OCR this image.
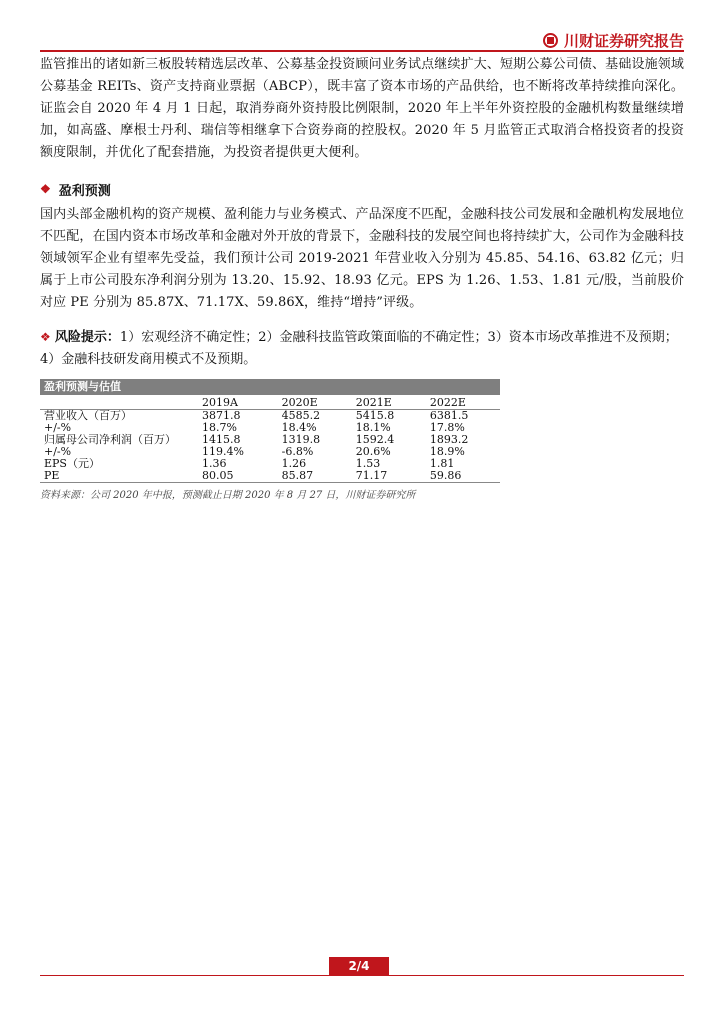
川财证券研究报告

监管推出的诸如新三板股转精选层改革、公募基金投资顾问业务试点继续扩大、短期公募公司债、基础设施领域公募基金 REITs、资产支持商业票据（ABCP），既丰富了资本市场的产品供给，也不断将改革持续推向深化。证监会自 2020 年 4 月 1 日起，取消券商外资持股比例限制，2020 年上半年外资控股的金融机构数量继续增加，如高盛、摩根士丹利、瑞信等相继拿下合资券商的控股权。2020 年 5 月监管正式取消合格投资者的投资额度限制，并优化了配套措施，为投资者提供更大便利。

❖ 盈利预测

国内头部金融机构的资产规模、盈利能力与业务模式、产品深度不匹配，金融科技公司发展和金融机构发展地位不匹配，在国内资本市场改革和金融对外开放的背景下，金融科技的发展空间也将持续扩大，公司作为金融科技领域领军企业有望率先受益，我们预计公司 2019-2021 年营业收入分别为 45.85、54.16、63.82 亿元；归属于上市公司股东净利润分别为 13.20、15.92、18.93 亿元。EPS 为 1.26、1.53、1.81 元/股，当前股价对应 PE 分别为 85.87X、71.17X、59.86X，维持“增持”评级。

❖ 风险提示：1）宏观经济不确定性；2）金融科技监管政策面临的不确定性；3）资本市场改革推进不及预期；4）金融科技研发商用模式不及预期。
盈利预测与估值				
	2019A	2020E	2021E	2022E
营业收入（百万）	3871.8	4585.2	5415.8	6381.5
+/-%	18.7%	18.4%	18.1%	17.8%
归属母公司净利润（百万）	1415.8	1319.8	1592.4	1893.2
+/-%	119.4%	-6.8%	20.6%	18.9%
EPS（元）	1.36	1.26	1.53	1.81
PE	80.05	85.87	71.17	59.86
资料来源：公司 2020 年中报，预测截止日期 2020 年 8 月 27 日，川财证券研究所
2/4
